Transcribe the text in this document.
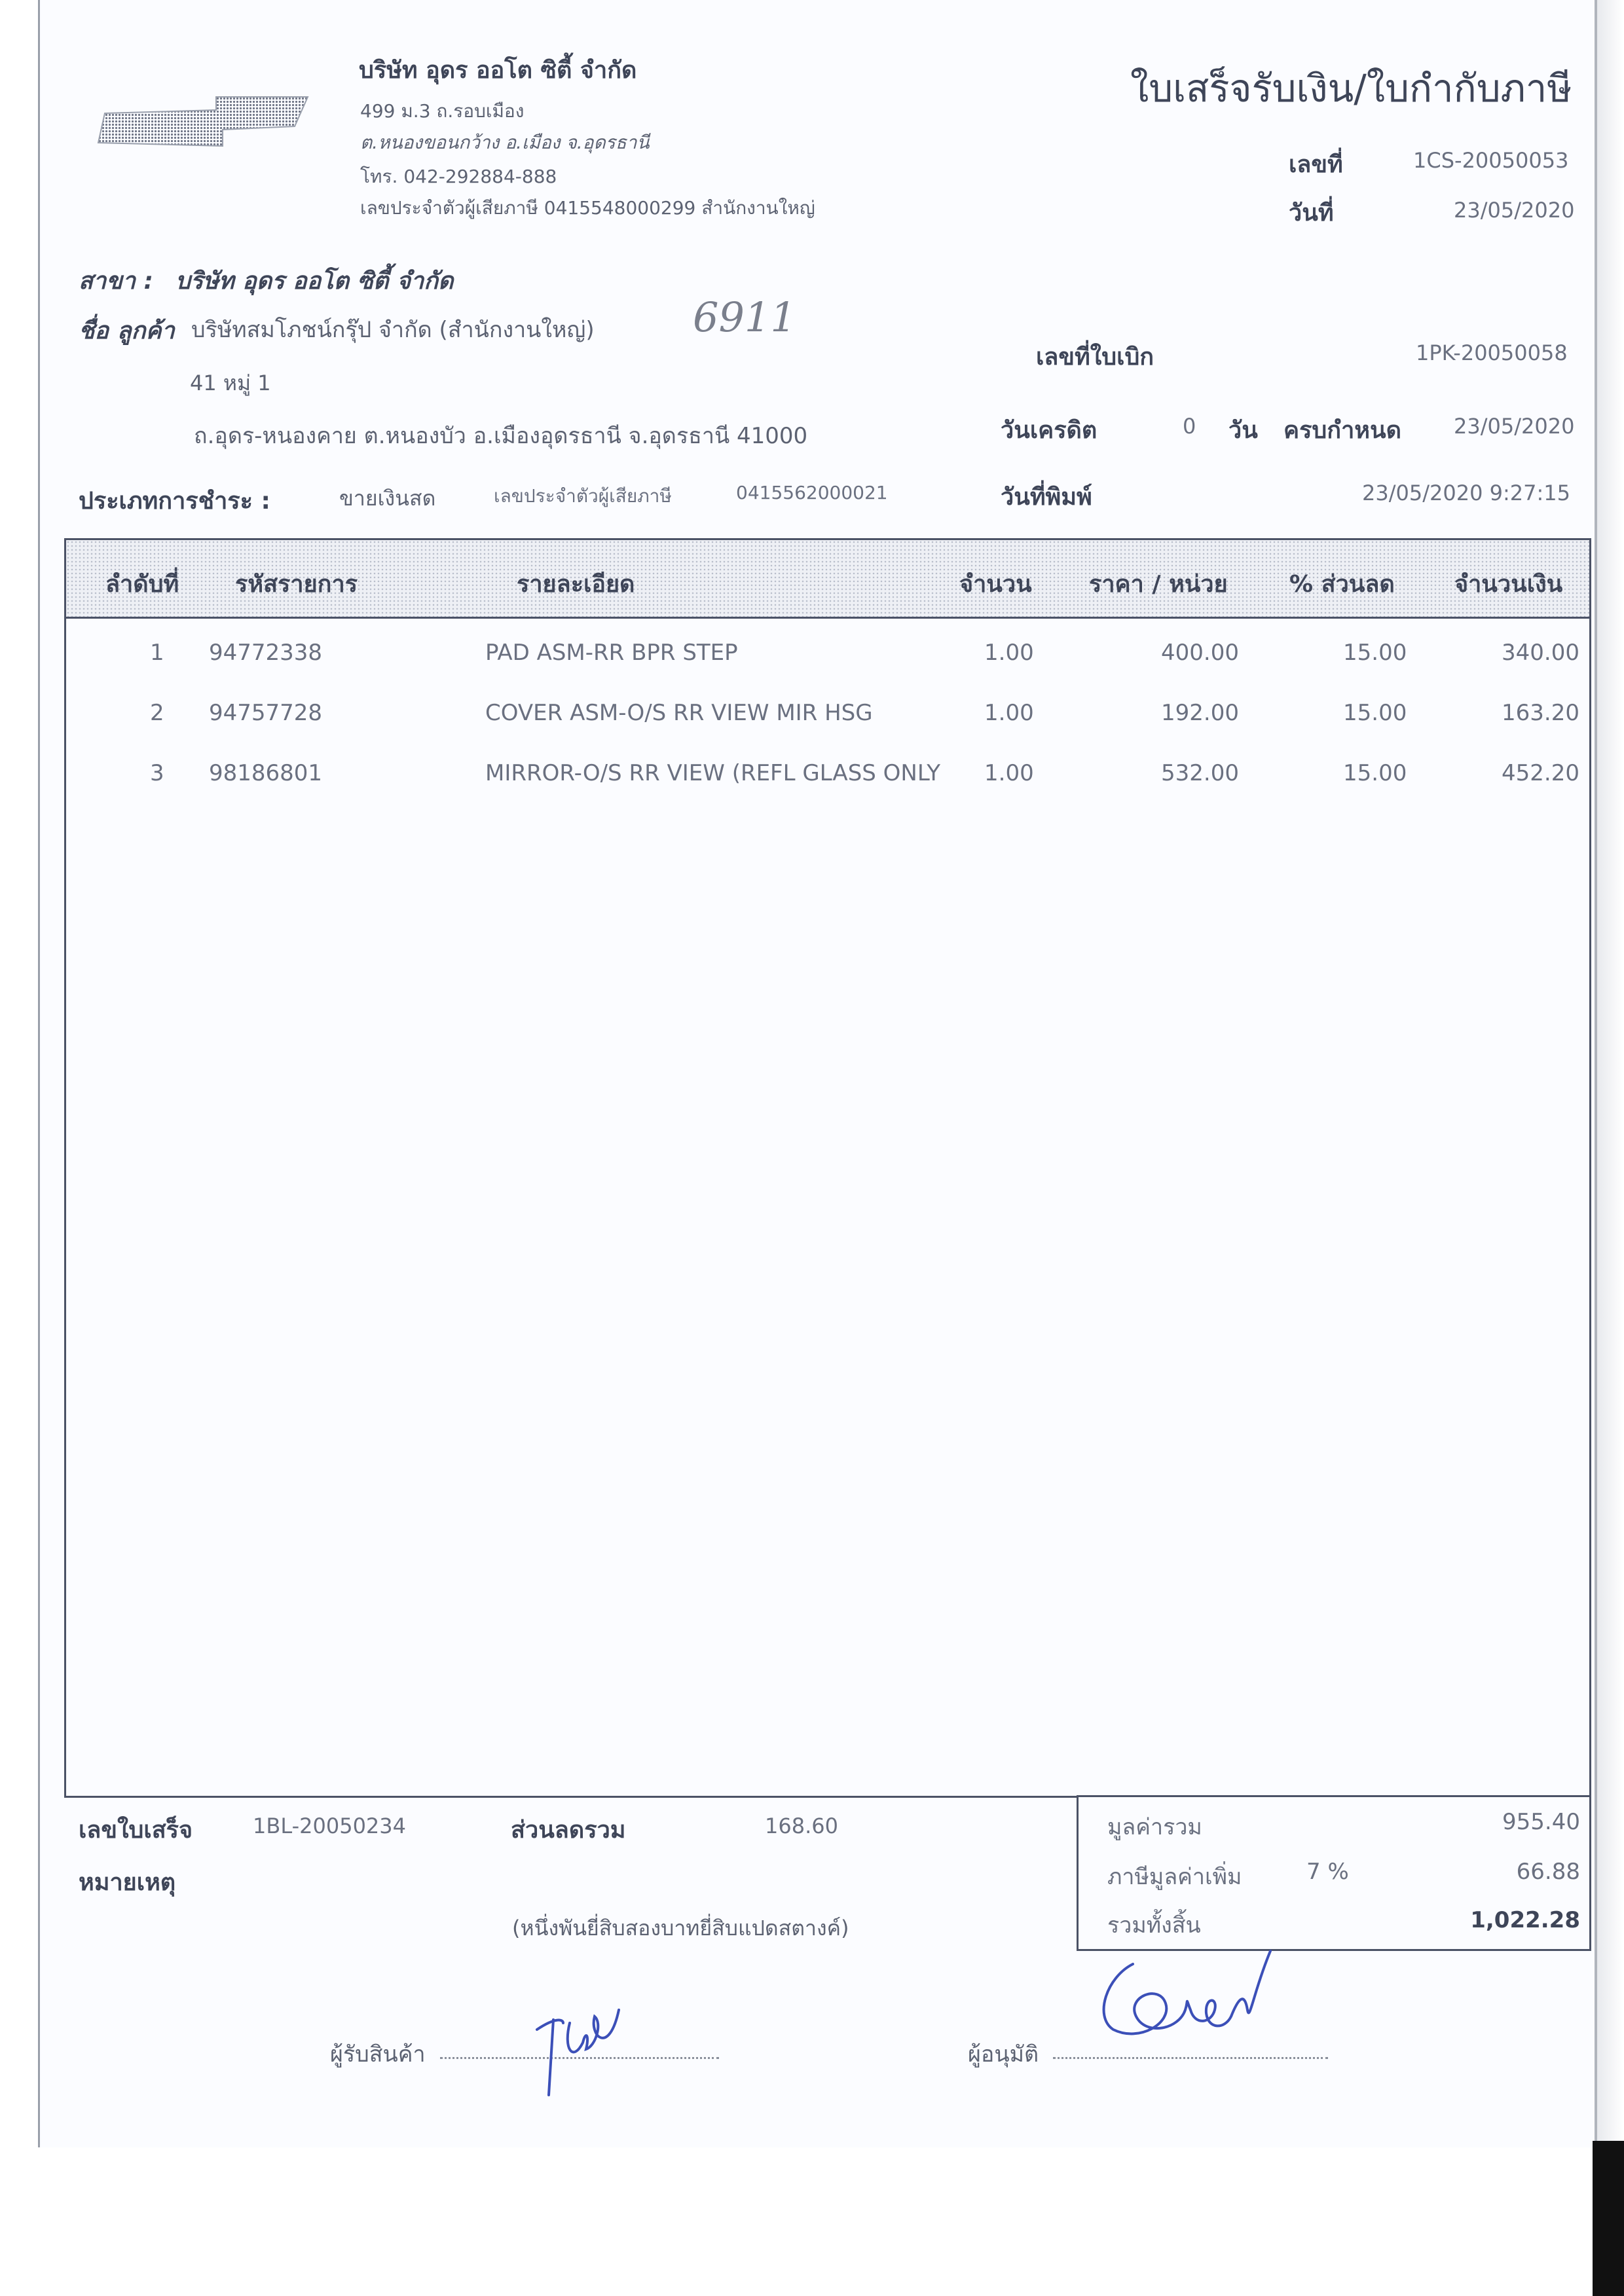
บริษัท อุดร ออโต ซิตี้ จำกัด
499 ม.3 ถ.รอบเมือง
ต.หนองขอนกว้าง อ.เมือง จ.อุดรธานี
โทร. 042-292884-888
เลขประจำตัวผู้เสียภาษี 0415548000299 สำนักงานใหญ่
ใบเสร็จรับเงิน/ใบกำกับภาษี
เลขที่	1CS-20050053
วันที่	23/05/2020
สาขา : บริษัท อุดร ออโต ซิตี้ จำกัด
ชื่อ ลูกค้า บริษัทสมโภชน์กรุ๊ป จำกัด (สำนักงานใหญ่) 6911
41 หมู่ 1
ถ.อุดร-หนองคาย ต.หนองบัว อ.เมืองอุดรธานี จ.อุดรธานี 41000
ประเภทการชำระ :	ขายเงินสด	เลขประจำตัวผู้เสียภาษี	0415562000021
เลขที่ใบเบิก	1PK-20050058
วันเครดิต	0 วัน ครบกำหนด	23/05/2020
วันที่พิมพ์	23/05/2020 9:27:15
ลำดับที่ รหัสรายการ	รายละเอียด	จำนวน ราคา / หน่วย	% ส่วนลด	จำนวนเงิน
1 94772338	PAD ASM-RR BPR STEP	1.00	400.00	15.00	340.00
2 94757728	COVER ASM-O/S RR VIEW MIR HSG	1.00	192.00	15.00	163.20
3 98186801	MIRROR-O/S RR VIEW (REFL GLASS ONLY 1.00	532.00	15.00	452.20
เลขใบเสร็จ	1BL-20050234	ส่วนลดรวม	168.60
หมายเหตุ
(หนึ่งพันยี่สิบสองบาทยี่สิบแปดสตางค์)
มูลค่ารวม	955.40
ภาษีมูลค่าเพิ่ม	7 %	66.88
รวมทั้งสิ้น	1,022.28
ผู้รับสินค้า	ผู้อนุมัติ
